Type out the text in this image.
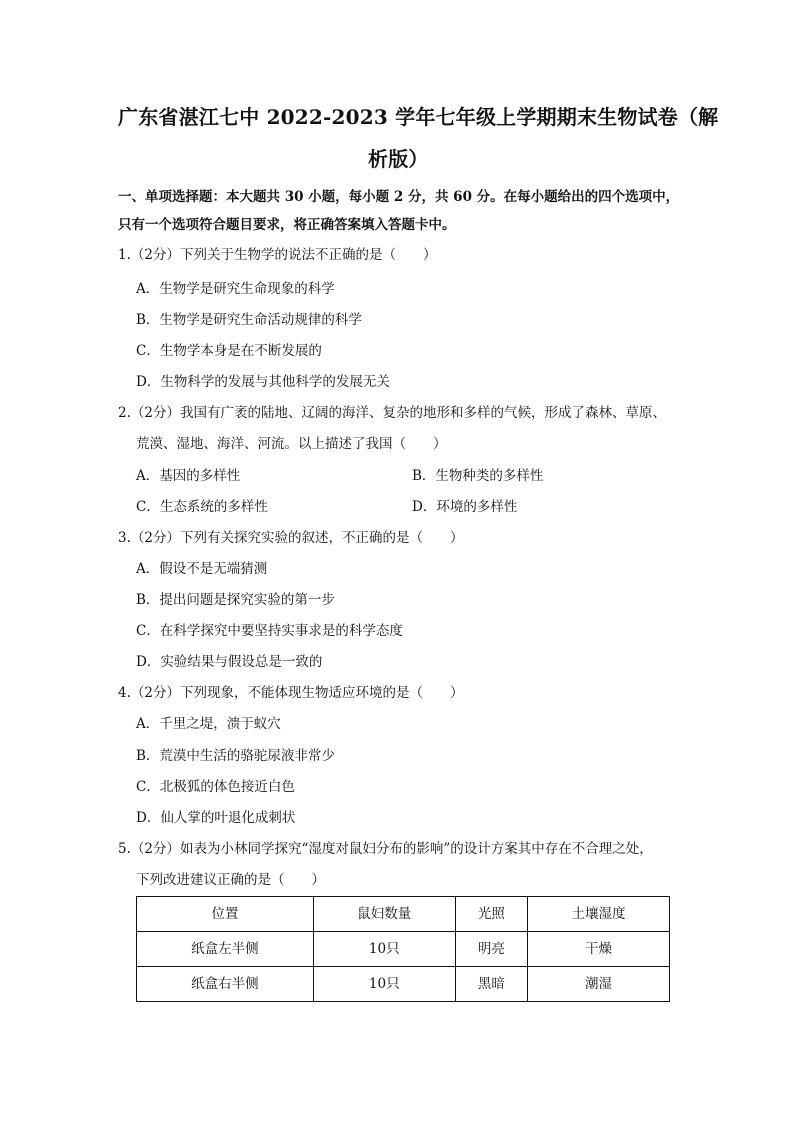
广东省湛江七中 2022-2023 学年七年级上学期期末生物试卷（解
析版）
一、单项选择题：本大题共 30 小题，每小题 2 分，共 60 分。在每小题给出的四个选项中，
只有一个选项符合题目要求，将正确答案填入答题卡中。
1.（2分）下列关于生物学的说法不正确的是（　　）
A．生物学是研究生命现象的科学
B．生物学是研究生命活动规律的科学
C．生物学本身是在不断发展的
D．生物科学的发展与其他科学的发展无关
2.（2分）我国有广袤的陆地、辽阔的海洋、复杂的地形和多样的气候，形成了森林、草原、
荒漠、湿地、海洋、河流。以上描述了我国（　　）
A．基因的多样性	B．生物种类的多样性
C．生态系统的多样性	D．环境的多样性
3.（2分）下列有关探究实验的叙述，不正确的是（　　）
A．假设不是无端猜测
B．提出问题是探究实验的第一步
C．在科学探究中要坚持实事求是的科学态度
D．实验结果与假设总是一致的
4.（2分）下列现象，不能体现生物适应环境的是（　　）
A．千里之堤，溃于蚁穴
B．荒漠中生活的骆驼尿液非常少
C．北极狐的体色接近白色
D．仙人掌的叶退化成刺状
5.（2分）如表为小林同学探究“湿度对鼠妇分布的影响”的设计方案其中存在不合理之处，
下列改进建议正确的是（　　）
位置	鼠妇数量	光照	土壤湿度
纸盒左半侧	10只	明亮	干燥
纸盒右半侧	10只	黑暗	潮湿
